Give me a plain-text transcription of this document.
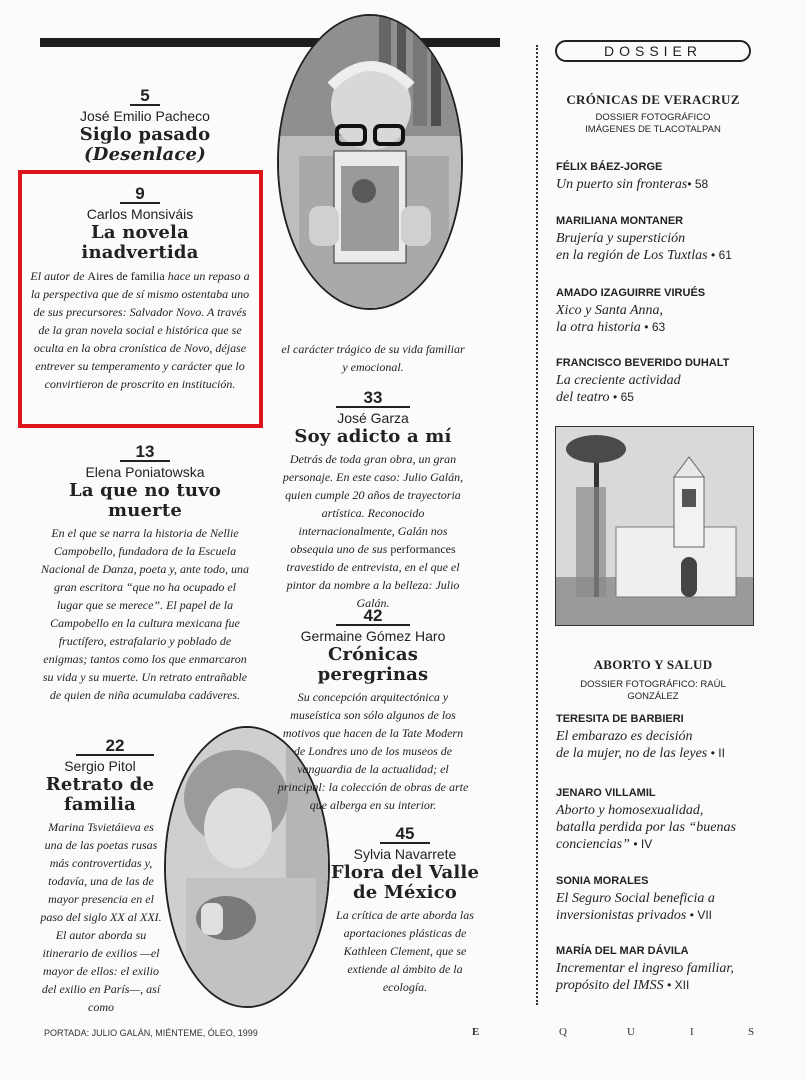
5
José Emilio Pacheco
Siglo pasado
(Desenlace)
9
Carlos Monsiváis
La novela
inadvertida
El autor de Aires de familia hace un repaso a la perspectiva que de sí mismo ostentaba uno de sus precursores: Salvador Novo. A través de la gran novela social e histórica que se oculta en la obra cronística de Novo, déjase entrever su temperamento y carácter que lo convirtieron de proscrito en institución.
13
Elena Poniatowska
La que no tuvo
muerte
En el que se narra la historia de Nellie Campobello, fundadora de la Escuela Nacional de Danza, poeta y, ante todo, una gran escritora “que no ha ocupado el lugar que se merece”. El papel de la Campobello en la cultura mexicana fue fructífero, estrafalario y poblado de enigmas; tantos como los que enmarcaron su vida y su muerte. Un retrato entrañable de quien de niña acumulaba cadáveres.
22
Sergio Pitol
Retrato de
familia
Marina Tsvietáieva es una de las poetas rusas más controvertidas y, todavía, una de las de mayor presencia en el paso del siglo XX al XXI. El autor aborda su itinerario de exilios —el mayor de ellos: el exilio del exilio en París—, así como
el carácter trágico de su vida familiar y emocional.
33
José Garza
Soy adicto a mí
Detrás de toda gran obra, un gran personaje. En este caso: Julio Galán, quien cumple 20 años de trayectoria artística. Reconocido internacionalmente, Galán nos obsequia uno de sus performances travestido de entrevista, en el que el pintor da nombre a la belleza: Julio Galán.
42
Germaine Gómez Haro
Crónicas peregrinas
Su concepción arquitectónica y museística son sólo algunos de los motivos que hacen de la Tate Modern de Londres uno de los museos de vanguardia de la actualidad; el principal: la colección de obras de arte que alberga en su interior.
45
Sylvia Navarrete
Flora del Valle
de México
La crítica de arte aborda las aportaciones plásticas de Kathleen Clement, que se extiende al ámbito de la ecología.
DOSSIER
CRÓNICAS DE VERACRUZ
DOSSIER FOTOGRÁFICO
IMÁGENES DE TLACOTALPAN
FÉLIX BÁEZ-JORGE
Un puerto sin fronteras• 58
MARILIANA MONTANER
Brujería y superstición
en la región de Los Tuxtlas • 61
AMADO IZAGUIRRE VIRUÉS
Xico y Santa Anna,
la otra historia • 63
FRANCISCO BEVERIDO DUHALT
La creciente actividad
del teatro • 65
ABORTO Y SALUD
DOSSIER FOTOGRÁFICO: RAÚL GONZÁLEZ
TERESITA DE BARBIERI
El embarazo es decisión
de la mujer, no de las leyes • II
JENARO VILLAMIL
Aborto y homosexualidad,
batalla perdida por las “buenas
conciencias” • IV
SONIA MORALES
El Seguro Social beneficia a
inversionistas privados • VII
MARÍA DEL MAR DÁVILA
Incrementar el ingreso familiar,
propósito del IMSS • XII
PORTADA: JULIO GALÁN, MIÉNTEME, ÓLEO, 1999	E	Q	U	I	S
